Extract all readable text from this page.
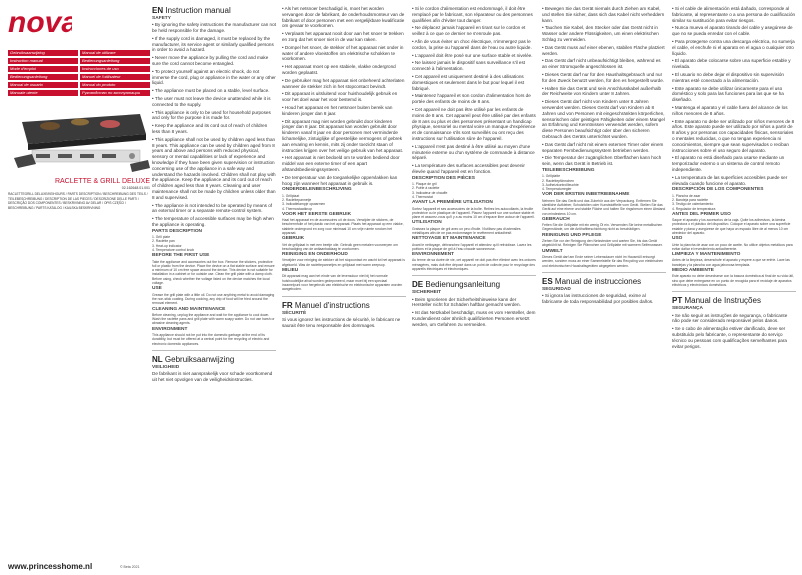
nova
Gebruiksaanwijzing	Manual de utilizare
Instruction manual	Bedienungsanleitung
Mode d'emploi	Instrucciones de uso
Bedienungsanleitung	Manuel de l'utilisateur
Manual de usuario	Manual do produto
Manuale utente	Руководство по эксплуатации
RACLETTE & GRILL DELUXE
02.162648.01.001
RACLETTEGRILL DELUXE/KEIHOURS / PARTS DESCRIPTION / BESCHREIBUNG DES TEILS / TEILEBESCHREIBUNG / DESCRIPTION DE LAS PIECES / DESCRIZIONE DELLE PARTI / DESCRIÇÃO DOS COMPONENTES / BESKRIVNING AV DELAR / OPIS CZĘŚCI / BESCHREIBUNG / PARTS KATALOG / KAILSKA BESKRIVNING
www.princesshome.nl	© Beta 2021
EN Instruction manual
SAFETY

• By ignoring the safety instructions the manufacturer can not be held responsible for the damage.

• If the supply cord is damaged, it must be replaced by the manufacturer, its service agent or similarly qualified persons in order to avoid a hazard.

• Never move the appliance by pulling the cord and make sure the cord cannot become entangled.

• To protect yourself against an electric shock, do not immerse the cord, plug or appliance in the water or any other liquid.

• The appliance must be placed on a stable, level surface.

• The user must not leave the device unattended while it is connected to the supply.

• This appliance is only to be used for household purposes and only for the purpose it is made for.

• Keep the appliance and its cord out of reach of children less than 8 years.

• This appliance shall not be used by children aged less than 8 years. This appliance can be used by children aged from 8 years and above and persons with reduced physical, sensory or mental capabilities or lack of experience and knowledge if they have been given supervision or instruction concerning use of the appliance in a safe way and understand the hazards involved. Children shall not play with the appliance. Keep the appliance and its cord out of reach of children aged less than 8 years. Cleaning and user maintenance shall not be made by children unless older than 8 and supervised.

• The appliance is not intended to be operated by means of an external timer or a separate remote-control system.

• The temperature of accessible surfaces may be high when the appliance is operating.

PARTS DESCRIPTION
1. Grill plate
2. Raclette pan
3. Heat-up indicator
4. Temperature control knob
BEFORE THE FIRST USE
Take the appliance and accessories out the box. Remove the stickers, protective foil or plastic from the device. Place the device on a flat stable surface and ensure a minimum of 10 cm free space around the device. This device is not suitable for installation in a cabinet or for outside use. Clean the grill plate with a damp cloth. Before using, check whether the voltage listed on the device matches the local voltage.
USE
Grease the grill plate with a little oil. Do not use anything metal to avoid damaging the non-stick coating. During cooking, any drip of food will be fried around the removal element.
CLEANING AND MAINTENANCE
Before cleaning, unplug the appliance and wait for the appliance to cool down. Wash the raclette pans and grill plate with warm soapy water. Do not use harsh or abrasive cleaning agents.
ENVIRONMENT
This appliance should not be put into the domestic garbage at the end of its durability, but must be offered at a central point for the recycling of electric and electronic domestic appliances.
NL Gebruiksaanwijzing
VEILIGHEID

De fabrikant is niet aansprakelijk voor schade voortkomend uit het niet opvolgen van de veiligheidsinstructies.

• Als het netsnoer beschadigd is, moet het worden vervangen door de fabrikant, de onderhoudsmonteur van de fabrikant of door personen met een vergelijkbare kwalificatie om gevaar te voorkomen.

• Verplaats het apparaat nooit door aan het snoer te trekken en zorg dat het snoer niet in de war kan raken.

• Dompel het snoer, de stekker of het apparaat niet onder in water of andere vloeistoffen om elektrische schokken te voorkomen.

• Het apparaat moet op een stabiele, vlakke ondergrond worden geplaatst.

• De gebruiker mag het apparaat niet onbeheerd achterlaten wanneer de stekker zich in het stopcontact bevindt.

• Dit apparaat is uitsluitend voor huishoudelijk gebruik en voor het doel waar het voor bestemd is.

• Houd het apparaat en het netsnoer buiten bereik van kinderen jonger dan 8 jaar.

• Dit apparaat mag niet worden gebruikt door kinderen jonger dan 8 jaar. Dit apparaat kan worden gebruikt door kinderen vanaf 8 jaar en door personen met verminderde lichamelijke, zintuiglijke of geestelijke vermogens of gebrek aan ervaring en kennis, mits zij onder toezicht staan of instructies krijgen over het veilige gebruik van het apparaat.

• Het apparaat is niet bedoeld om te worden bediend door middel van een externe timer of een apart afstandsbedieningssysteem.

• De temperatuur van de toegankelijke oppervlakken kan hoog zijn wanneer het apparaat in gebruik is.

ONDERDELENBESCHRIJVING
1. Grillplaat
2. Raclettepannetje
3. Indicatielampje opwarmen
4. Thermostaatknop
VOOR HET EERSTE GEBRUIK
Haal het apparaat en de accessoires uit de doos. Verwijder de stickers, de beschermfolie of het plastic van het apparaat. Plaats het apparaat op een vlakke, stabiele ondergrond en zorg voor minimaal 10 cm vrije ruimte rondom het apparaat.
GEBRUIK
Vet de grillplaat in met een beetje olie. Gebruik geen metalen voorwerpen om beschadiging van de antiaanbaklaag te voorkomen.
REINIGING EN ONDERHOUD
Verwijder voor reiniging de stekker uit het stopcontact en wacht tot het apparaat is afgekoeld. Was de raclettepannetjes en grillplaat met warm zeepsop.
MILIEU
Dit apparaat mag aan het einde van de levensduur niet bij het normale huishoudelijke afval worden gedeponeerd, maar moet bij een speciaal inzamelpunt voor hergebruik van elektrische en elektronische apparaten worden aangeboden.
FR Manuel d'instructions
SÉCURITÉ

Si vous ignorez les instructions de sécurité, le fabricant ne saurait être tenu responsable des dommages.

• Si le cordon d'alimentation est endommagé, il doit être remplacé par le fabricant, son réparateur ou des personnes qualifiées afin d'éviter tout danger.

• Ne déplacez jamais l'appareil en tirant sur le cordon et veillez à ce que ce dernier ne s'enroule pas.

• Afin de vous éviter un choc électrique, n'immergez pas le cordon, la prise ou l'appareil dans de l'eau ou autre liquide.

• L'appareil doit être posé sur une surface stable et nivelée.

• Ne laissez jamais le dispositif sans surveillance s'il est connecté à l'alimentation.

• Cet appareil est uniquement destiné à des utilisations domestiques et seulement dans le but pour lequel il est fabriqué.

• Maintenez l'appareil et son cordon d'alimentation hors de portée des enfants de moins de 8 ans.

• Cet appareil ne doit pas être utilisé par les enfants de moins de 8 ans. Cet appareil peut être utilisé par des enfants de 8 ans ou plus et des personnes présentant un handicap physique, sensoriel ou mental voire un manque d'expérience et de connaissance s'ils sont surveillés ou ont reçu des instructions sur l'utilisation sûre de l'appareil.

• L'appareil n'est pas destiné à être utilisé au moyen d'une minuterie externe ou d'un système de commande à distance séparé.

• La température des surfaces accessibles peut devenir élevée quand l'appareil est en fonction.

DESCRIPTION DES PIÈCES
1. Plaque de gril
2. Poêle à raclette
3. Indicateur de chauffe
4. Thermostat
AVANT LA PREMIÈRE UTILISATION
Sortez l'appareil et ses accessoires de la boîte. Retirez les autocollants, la feuille protectrice ou le plastique de l'appareil. Placez l'appareil sur une surface stable et plane et assurez-vous qu'il y a au moins 10 cm d'espace libre autour de l'appareil.
UTILISATION
Graissez la plaque de gril avec un peu d'huile. N'utilisez pas d'ustensiles métalliques afin de ne pas endommager le revêtement antiadhésif.
NETTOYAGE ET MAINTENANCE
Avant le nettoyage, débranchez l'appareil et attendez qu'il refroidisse. Lavez les poêlons et la plaque de gril à l'eau chaude savonneuse.
ENVIRONNEMENT
Au terme de sa durée de vie, cet appareil ne doit pas être éliminé avec les ordures ménagères, mais doit être déposé dans un point de collecte pour le recyclage des appareils électriques et électroniques.
DE Bedienungsanleitung
SICHERHEIT

• Beim Ignorieren der Sicherheitshinweise kann der Hersteller nicht für Schäden haftbar gemacht werden.

• Ist das Netzkabel beschädigt, muss es vom Hersteller, dem Kundendienst oder ähnlich qualifizierten Personen ersetzt werden, um Gefahren zu vermeiden.

• Bewegen Sie das Gerät niemals durch Ziehen am Kabel, und stellen Sie sicher, dass sich das Kabel nicht verheddern kann.

• Tauchen Sie Kabel, den Stecker oder das Gerät nicht in Wasser oder andere Flüssigkeiten, um einen elektrischen Schlag zu vermeiden.

• Das Gerät muss auf einer ebenen, stabilen Fläche platziert werden.

• Das Gerät darf nicht unbeaufsichtigt bleiben, während es an einer Stromquelle angeschlossen ist.

• Dieses Gerät darf nur für den Haushaltsgebrauch und nur für den Zweck benutzt werden, für den es hergestellt wurde.

• Halten Sie das Gerät und sein Anschlusskabel außerhalb der Reichweite von Kindern unter 8 Jahren.

• Dieses Gerät darf nicht von Kindern unter 8 Jahren verwendet werden. Dieses Gerät darf von Kindern ab 8 Jahren und von Personen mit eingeschränkten körperlichen, sensorischen oder geistigen Fähigkeiten oder einem Mangel an Erfahrung und Kenntnissen verwendet werden, sofern diese Personen beaufsichtigt oder über den sicheren Gebrauch des Geräts unterrichtet wurden.

• Das Gerät darf nicht mit einem externen Timer oder einem separaten Fernbedienungssystem betrieben werden.

• Die Temperatur der zugänglichen Oberflächen kann hoch sein, wenn das Gerät in Betrieb ist.

TEILEBESCHREIBUNG
1. Grillplatte
2. Raclettepfännchen
3. Aufheizkontrollleuchte
4. Temperaturregler
VOR DER ERSTEN INBETRIEBNAHME
Nehmen Sie das Gerät und das Zubehör aus der Verpackung. Entfernen Sie sämtliche Aufkleber, Schutzfolien oder Kunststoffteile vom Gerät. Stellen Sie das Gerät auf eine ebene und stabile Fläche und halten Sie ringsherum einen Abstand von mindestens 10 cm.
GEBRAUCH
Fetten Sie die Grillplatte mit ein wenig Öl ein. Verwenden Sie keine metallischen Gegenstände, um die Antihaftbeschichtung nicht zu beschädigen.
REINIGUNG UND PFLEGE
Ziehen Sie vor der Reinigung den Netzstecker und warten Sie, bis das Gerät abgekühlt ist. Reinigen Sie Pfännchen und Grillplatte mit warmem Seifenwasser.
UMWELT
Dieses Gerät darf am Ende seiner Lebensdauer nicht im Hausmüll entsorgt werden, sondern muss an einer Sammelstelle für das Recycling von elektrischen und elektronischen Haushaltsgeräten abgegeben werden.
ES Manual de instrucciones
SEGURIDAD

• Si ignora las instrucciones de seguridad, exime al fabricante de toda responsabilidad por posibles daños.

• Si el cable de alimentación está dañado, corresponde al fabricante, al representante o a una persona de cualificación similar su sustitución para evitar riesgos.

• Nunca mueva el aparato tirando del cable y asegúrese de que no se pueda enredar con el cable.

• Para protegerse contra una descarga eléctrica, no sumerja el cable, el enchufe ni el aparato en el agua o cualquier otro líquido.

• El aparato debe colocarse sobre una superficie estable y nivelada.

• El usuario no debe dejar el dispositivo sin supervisión mientras esté conectado a la alimentación.

• Este aparato se debe utilizar únicamente para el uso doméstico y solo para las funciones para las que se ha diseñado.

• Mantenga el aparato y el cable fuera del alcance de los niños menores de 8 años.

• Este aparato no debe ser utilizado por niños menores de 8 años. Este aparato puede ser utilizado por niños a partir de 8 años y por personas con capacidades físicas, sensoriales o mentales reducidas, o que no tengan experiencia ni conocimientos, siempre que sean supervisados o reciban instrucciones sobre el uso seguro del aparato.

• El aparato no está diseñado para usarse mediante un temporizador externo o un sistema de control remoto independiente.

• La temperatura de las superficies accesibles puede ser elevada cuando funcione el aparato.

DESCRIPCIÓN DE LOS COMPONENTES
1. Plancha de asar
2. Bandeja para raclette
3. Testigo de calentamiento
4. Regulador de temperatura
ANTES DEL PRIMER USO
Saque el aparato y los accesorios de la caja. Quite los adhesivos, la lámina protectora o el plástico del dispositivo. Coloque el aparato sobre una superficie estable y plana y asegúrese de que haya un espacio libre de al menos 10 cm alrededor del aparato.
USO
Unte la plancha de asar con un poco de aceite. No utilice objetos metálicos para evitar dañar el revestimiento antiadherente.
LIMPIEZA Y MANTENIMIENTO
Antes de la limpieza, desenchufe el aparato y espere a que se enfríe. Lave las bandejas y la plancha con agua jabonosa templada.
MEDIO AMBIENTE
Este aparato no debe desecharse con la basura doméstica al final de su vida útil, sino que debe entregarse en un punto de recogida para el reciclaje de aparatos eléctricos y electrónicos domésticos.
PT Manual de Instruções
SEGURANÇA

• Se não seguir as instruções de segurança, o fabricante não pode ser considerado responsável pelos danos.

• Se o cabo de alimentação estiver danificado, deve ser substituído pelo fabricante, o representante do serviço técnico ou pessoas com qualificações semelhantes para evitar perigos.
